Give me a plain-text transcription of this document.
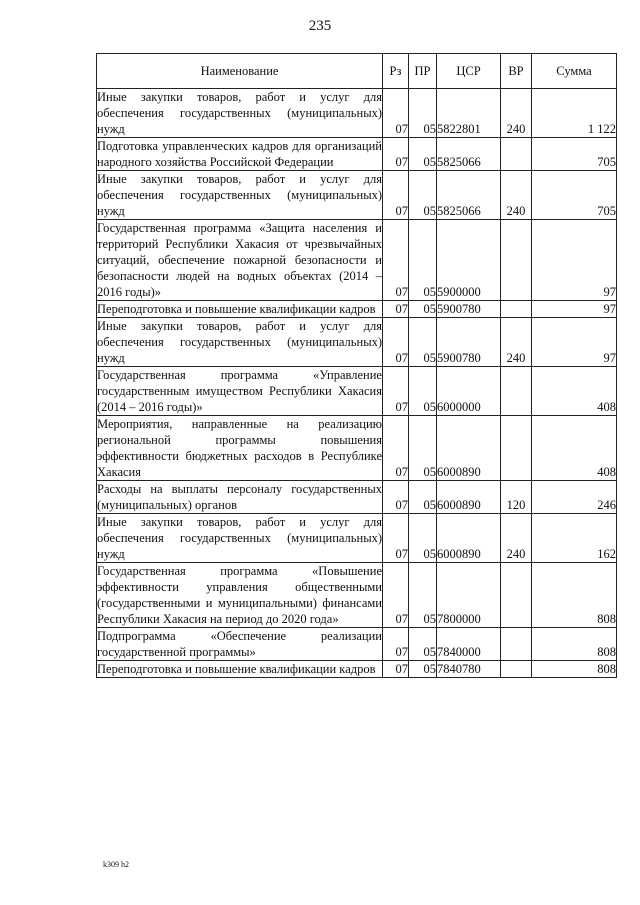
235
Наименование	Рз	ПР	ЦСР	ВР	Сумма
Иные закупки товаров, работ и услуг для обеспечения государственных (муниципальных) нужд	07	05	5822801	240	1 122
Подготовка управленческих кадров для организаций народного хозяйства Российской Федерации	07	05	5825066		705
Иные закупки товаров, работ и услуг для обеспечения государственных (муниципальных) нужд	07	05	5825066	240	705
Государственная программа «Защита населения и территорий Республики Хакасия от чрезвычайных ситуаций, обеспечение пожарной безопасности и безопасности людей на водных объектах (2014 – 2016 годы)»	07	05	5900000		97
Переподготовка и повышение квалификации кадров	07	05	5900780		97
Иные закупки товаров, работ и услуг для обеспечения государственных (муниципальных) нужд	07	05	5900780	240	97
Государственная программа «Управление государственным имуществом Республики Хакасия (2014 – 2016 годы)»	07	05	6000000		408
Мероприятия, направленные на реализацию региональной программы повышения эффективности бюджетных расходов в Республике Хакасия	07	05	6000890		408
Расходы на выплаты персоналу государственных (муниципальных) органов	07	05	6000890	120	246
Иные закупки товаров, работ и услуг для обеспечения государственных (муниципальных) нужд	07	05	6000890	240	162
Государственная программа «Повышение эффективности управления общественными (государственными и муниципальными) финансами Республики Хакасия на период до 2020 года»	07	05	7800000		808
Подпрограмма «Обеспечение реализации государственной программы»	07	05	7840000		808
Переподготовка и повышение квалификации кадров	07	05	7840780		808
k309 h2
